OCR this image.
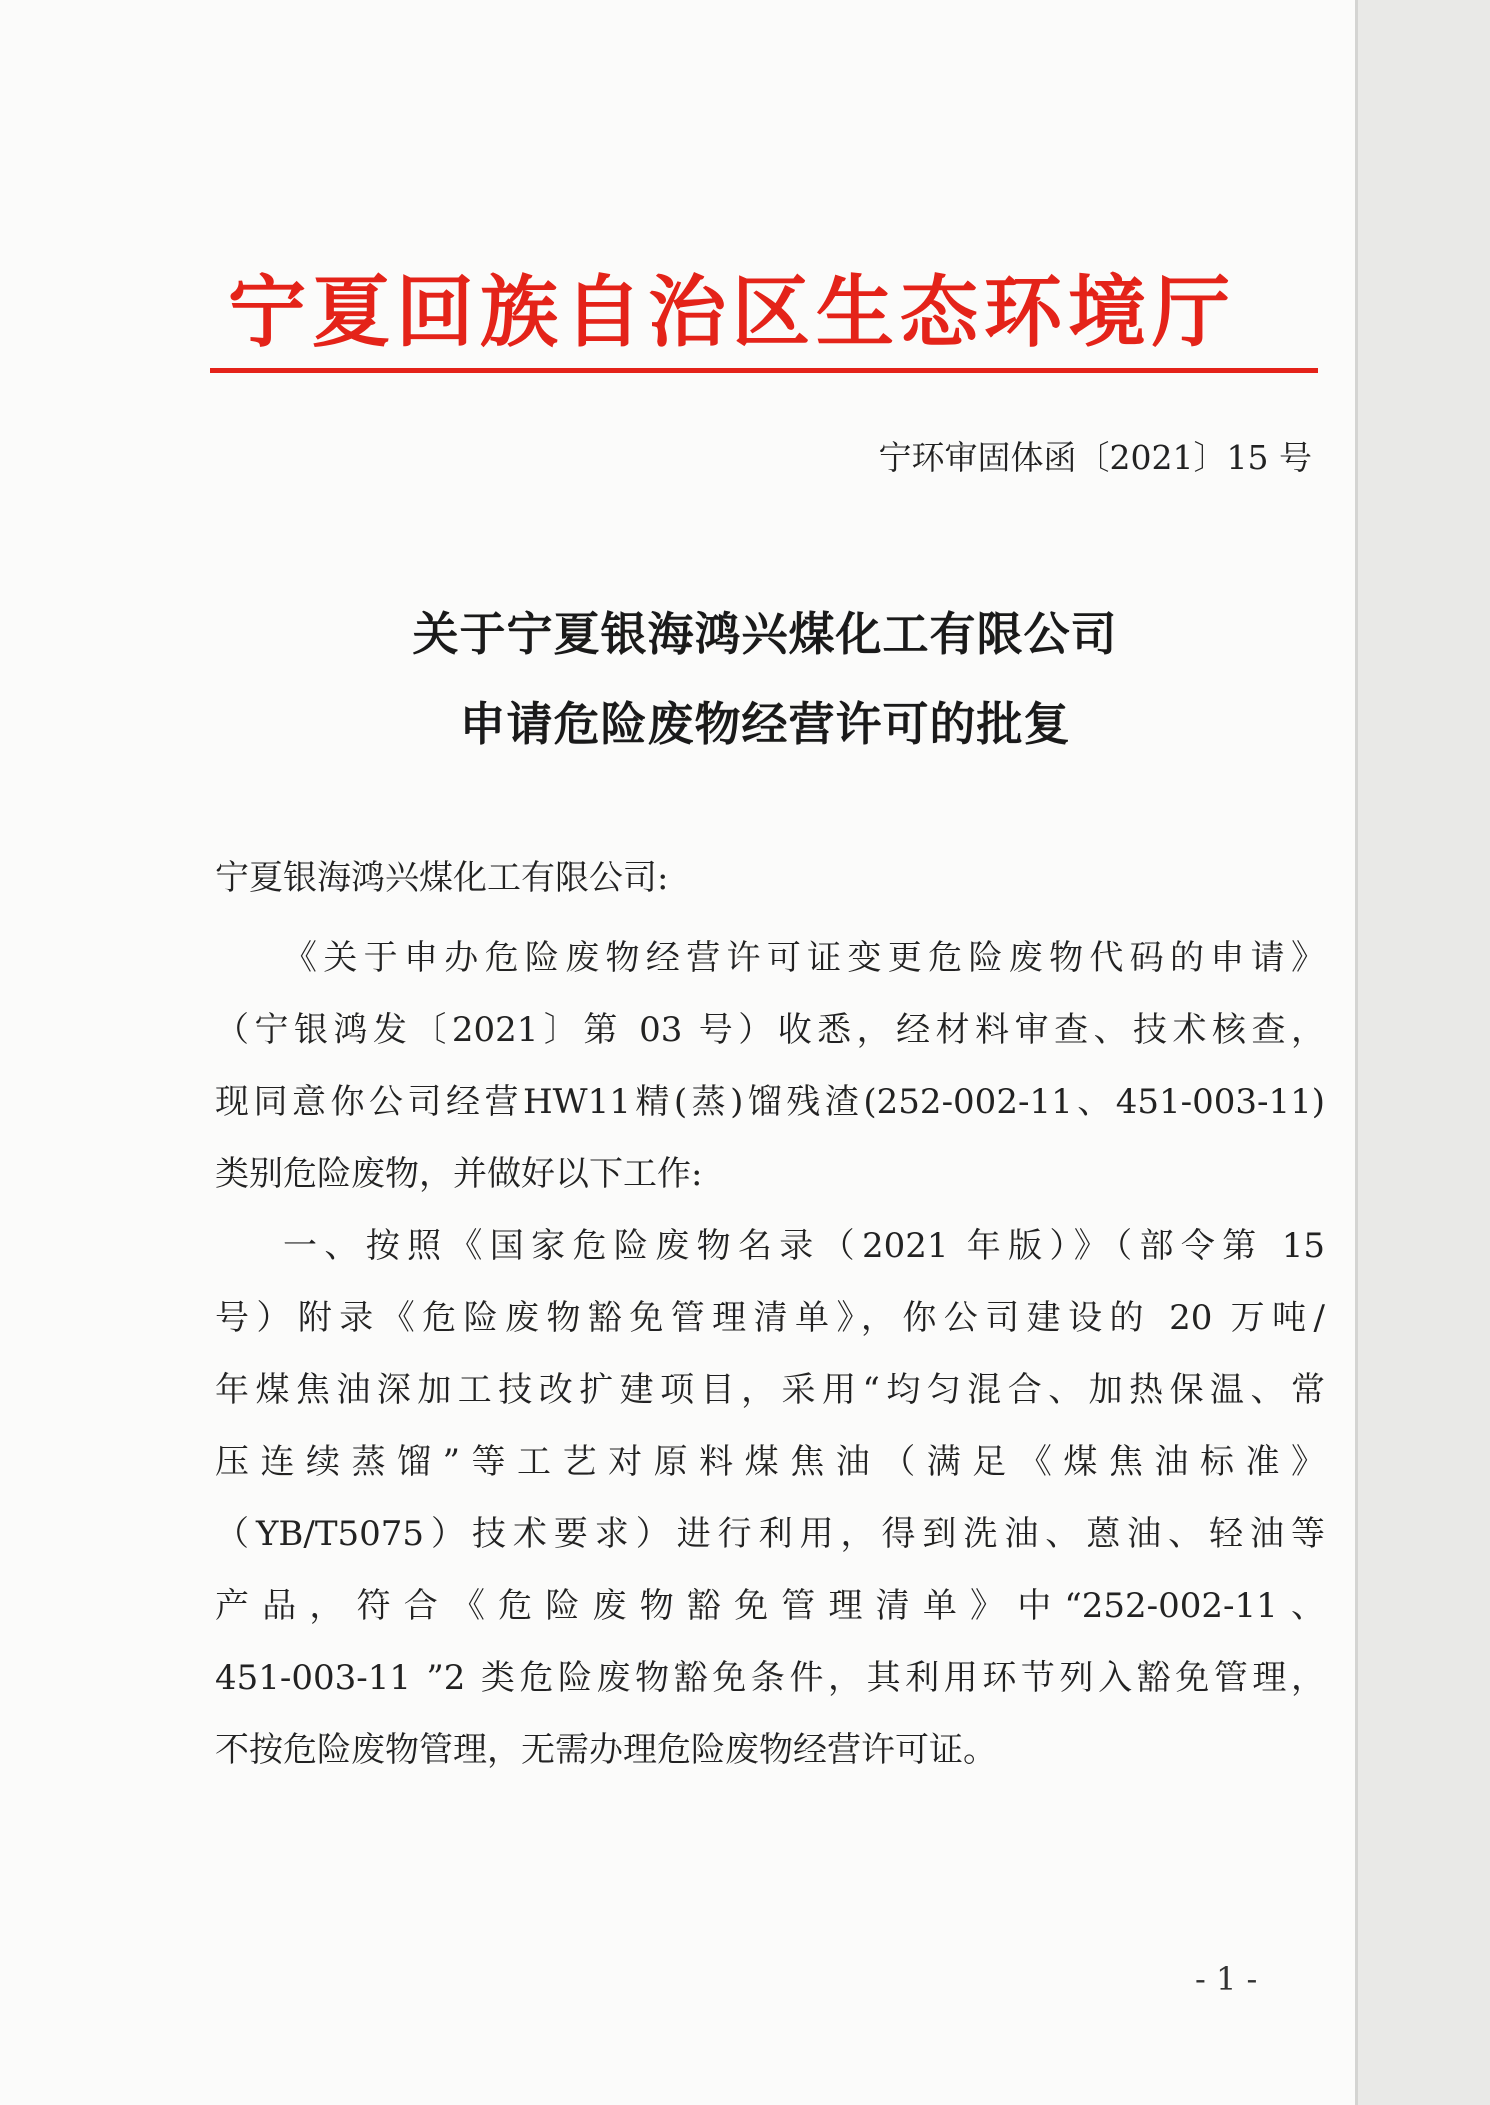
宁夏回族自治区生态环境厅
宁环审固体函〔2021〕15 号
关于宁夏银海鸿兴煤化工有限公司
申请危险废物经营许可的批复
宁夏银海鸿兴煤化工有限公司:
《关于申办危险废物经营许可证变更危险废物代码的申请》
（宁银鸿发〔2021〕第 03 号）收悉，经材料审查、技术核查，
现同意你公司经营HW11精(蒸)馏残渣(252-002-11、451-003-11)
类别危险废物，并做好以下工作:
一、按照《国家危险废物名录（2021 年版）》（部令第 15
号）附录《危险废物豁免管理清单》，你公司建设的 20 万吨/
年煤焦油深加工技改扩建项目，采用“均匀混合、加热保温、常
压连续蒸馏”等工艺对原料煤焦油（满足《煤焦油标准》
（YB/T5075）技术要求）进行利用，得到洗油、蒽油、轻油等
产品，符合《危险废物豁免管理清单》中“252-002-11、
451-003-11 ”2 类危险废物豁免条件，其利用环节列入豁免管理，
不按危险废物管理，无需办理危险废物经营许可证。
- 1 -
